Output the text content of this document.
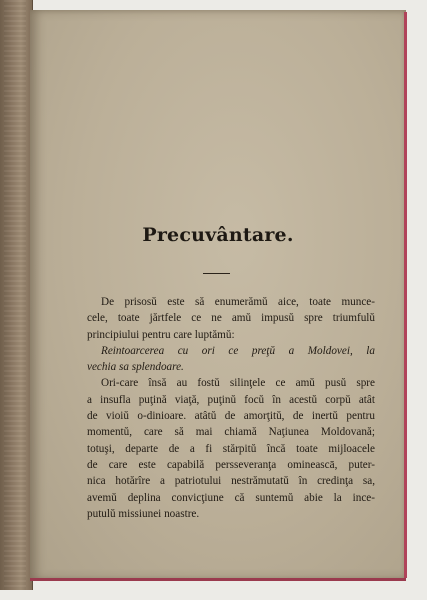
Precuvântare.
De prisosŭ este să enumerămŭ aice, toate munce-
cele, toate jărtfele ce ne amŭ impusŭ spre triumfulŭ
principiului pentru care luptămŭ:
Reintoarcerea cu ori ce preţŭ a Moldovei, la
vechia sa splendoare.
Ori-care însă au fostŭ silinţele ce amŭ pusŭ spre
a insufla puţină viaţă, puţinŭ focŭ în acestŭ corpŭ atât
de vioiŭ o-dinioare. atâtŭ de amorţitŭ, de inertŭ pentru
momentŭ, care să mai chiamă Naţiunea Moldovană;
totuşi, departe de a fi stărpitŭ încă toate mijloacele
de care este capabilă persseveranţa omineascā, puter-
nica hotărîre a patriotului nestrămutatŭ în credinţa sa,
avemŭ deplina convicţiune că suntemŭ abie la ince-
putulŭ missiunei noastre.
